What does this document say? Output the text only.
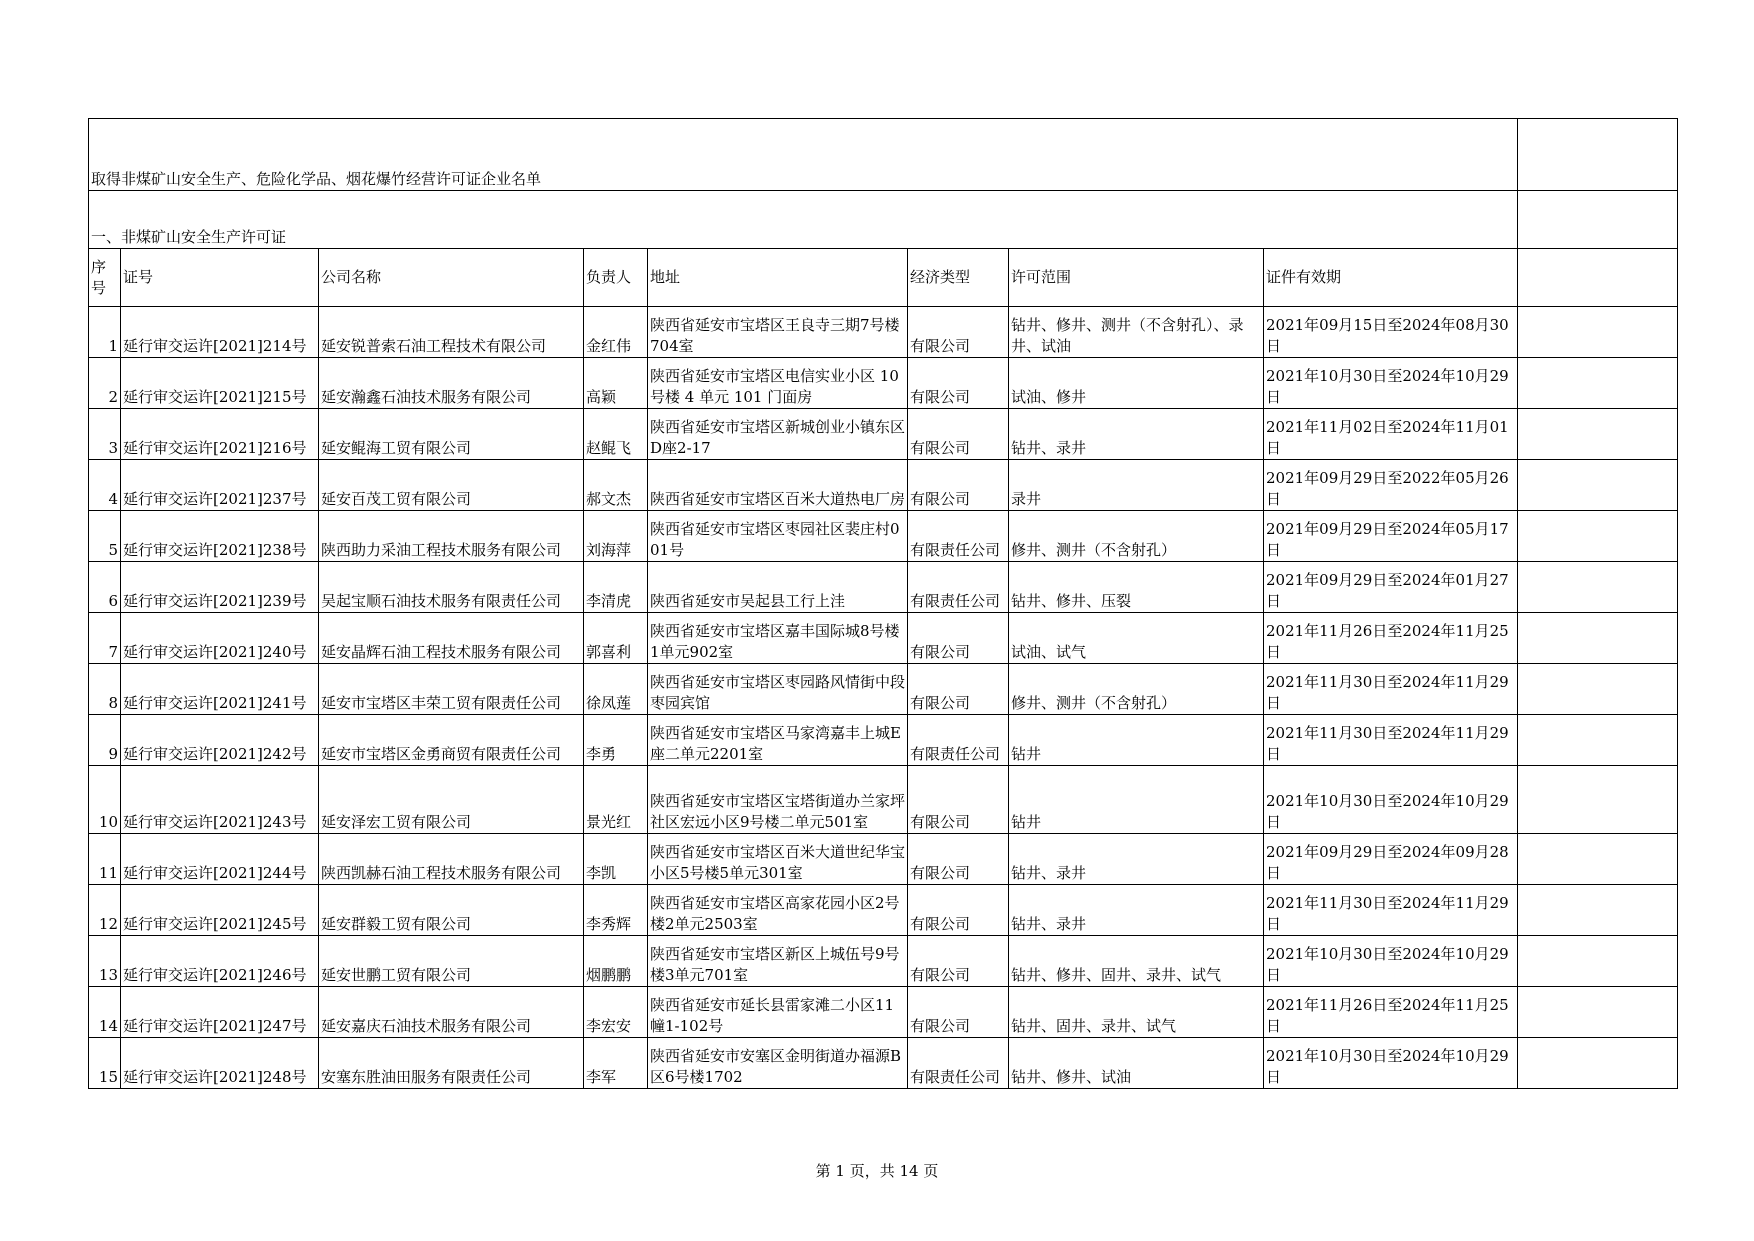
取得非煤矿山安全生产、危险化学品、烟花爆竹经营许可证企业名单								
一、非煤矿山安全生产许可证								
序号	证号	公司名称	负责人	地址	经济类型	许可范围	证件有效期	
1	延行审交运许[2021]214号	延安锐普索石油工程技术有限公司	金红伟	陕西省延安市宝塔区王良寺三期7号楼704室	有限公司	钻井、修井、测井（不含射孔）、录井、试油	2021年09月15日至2024年08月30日	
2	延行审交运许[2021]215号	延安瀚鑫石油技术服务有限公司	高颖	陕西省延安市宝塔区电信实业小区 10 号楼 4 单元 101 门面房	有限公司	试油、修井	2021年10月30日至2024年10月29日	
3	延行审交运许[2021]216号	延安鲲海工贸有限公司	赵鲲飞	陕西省延安市宝塔区新城创业小镇东区D座2-17	有限公司	钻井、录井	2021年11月02日至2024年11月01日	
4	延行审交运许[2021]237号	延安百茂工贸有限公司	郝文杰	陕西省延安市宝塔区百米大道热电厂房	有限公司	录井	2021年09月29日至2022年05月26日	
5	延行审交运许[2021]238号	陕西助力采油工程技术服务有限公司	刘海萍	陕西省延安市宝塔区枣园社区裴庄村001号	有限责任公司	修井、测井（不含射孔）	2021年09月29日至2024年05月17日	
6	延行审交运许[2021]239号	吴起宝顺石油技术服务有限责任公司	李清虎	陕西省延安市吴起县工行上洼	有限责任公司	钻井、修井、压裂	2021年09月29日至2024年01月27日	
7	延行审交运许[2021]240号	延安晶辉石油工程技术服务有限公司	郭喜利	陕西省延安市宝塔区嘉丰国际城8号楼1单元902室	有限公司	试油、试气	2021年11月26日至2024年11月25日	
8	延行审交运许[2021]241号	延安市宝塔区丰荣工贸有限责任公司	徐凤莲	陕西省延安市宝塔区枣园路风情街中段枣园宾馆	有限公司	修井、测井（不含射孔）	2021年11月30日至2024年11月29日	
9	延行审交运许[2021]242号	延安市宝塔区金勇商贸有限责任公司	李勇	陕西省延安市宝塔区马家湾嘉丰上城E座二单元2201室	有限责任公司	钻井	2021年11月30日至2024年11月29日	
10	延行审交运许[2021]243号	延安泽宏工贸有限公司	景光红	陕西省延安市宝塔区宝塔街道办兰家坪社区宏远小区9号楼二单元501室	有限公司	钻井	2021年10月30日至2024年10月29日	
11	延行审交运许[2021]244号	陕西凯赫石油工程技术服务有限公司	李凯	陕西省延安市宝塔区百米大道世纪华宝小区5号楼5单元301室	有限公司	钻井、录井	2021年09月29日至2024年09月28日	
12	延行审交运许[2021]245号	延安群毅工贸有限公司	李秀辉	陕西省延安市宝塔区高家花园小区2号楼2单元2503室	有限公司	钻井、录井	2021年11月30日至2024年11月29日	
13	延行审交运许[2021]246号	延安世鹏工贸有限公司	烟鹏鹏	陕西省延安市宝塔区新区上城伍号9号楼3单元701室	有限公司	钻井、修井、固井、录井、试气	2021年10月30日至2024年10月29日	
14	延行审交运许[2021]247号	延安嘉庆石油技术服务有限公司	李宏安	陕西省延安市延长县雷家滩二小区11幢1-102号	有限公司	钻井、固井、录井、试气	2021年11月26日至2024年11月25日	
15	延行审交运许[2021]248号	安塞东胜油田服务有限责任公司	李军	陕西省延安市安塞区金明街道办福源B区6号楼1702	有限责任公司	钻井、修井、试油	2021年10月30日至2024年10月29日	
第 1 页，共 14 页
